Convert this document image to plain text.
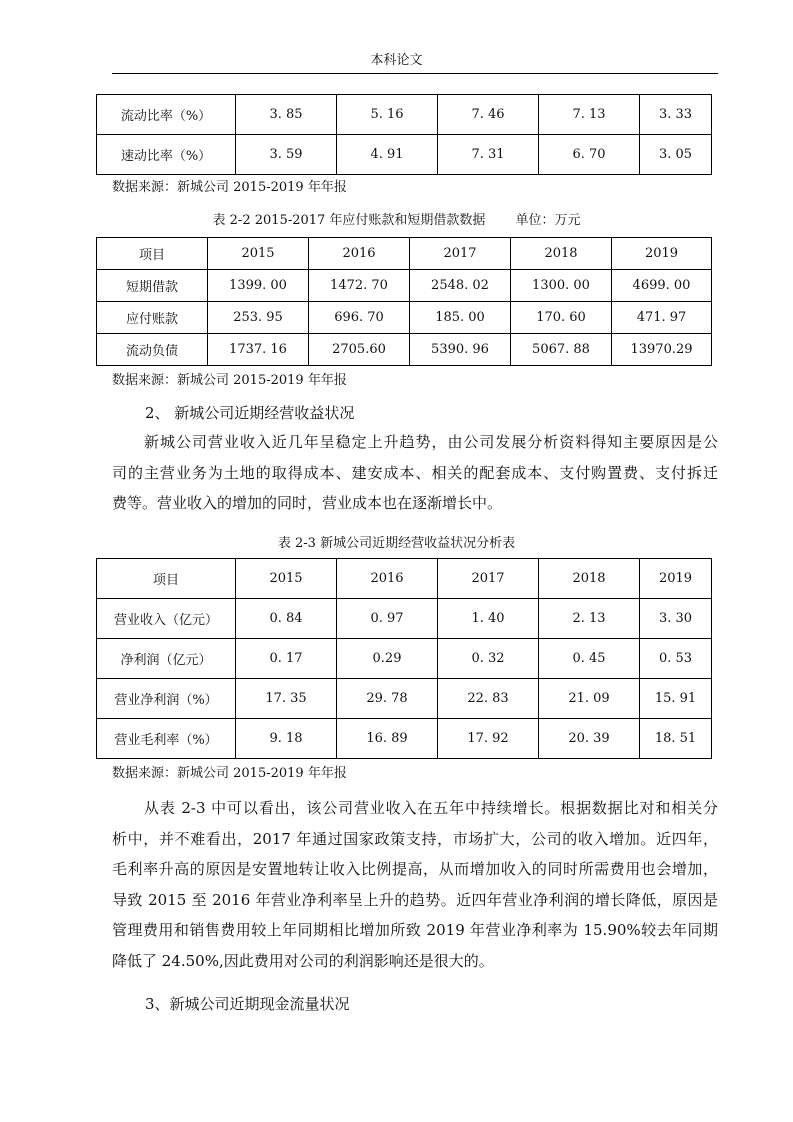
本科论文
流动比率（%）	3. 85	5. 16	7. 46	7. 13	3. 33
速动比率（%）	3. 59	4. 91	7. 31	6. 70	3. 05
数据来源：新城公司 2015-2019 年年报
表 2-2 2015-2017 年应付账款和短期借款数据 单位：万元
项目	2015	2016	2017	2018	2019
短期借款	1399. 00	1472. 70	2548. 02	1300. 00	4699. 00
应付账款	253. 95	696. 70	185. 00	170. 60	471. 97
流动负债	1737. 16	2705.60	5390. 96	5067. 88	13970.29
数据来源：新城公司 2015-2019 年年报
2、 新城公司近期经营收益状况

新城公司营业收入近几年呈稳定上升趋势，由公司发展分析资料得知主要原因是公
司的主营业务为土地的取得成本、建安成本、相关的配套成本、支付购置费、支付拆迁
费等。营业收入的增加的同时，营业成本也在逐渐增长中。

表 2-3 新城公司近期经营收益状况分析表
项目	2015	2016	2017	2018	2019
营业收入（亿元）	0. 84	0. 97	1. 40	2. 13	3. 30
净利润（亿元）	0. 17	0.29	0. 32	0. 45	0. 53
营业净利润（%）	17. 35	29. 78	22. 83	21. 09	15. 91
营业毛利率（%）	9. 18	16. 89	17. 92	20. 39	18. 51
数据来源：新城公司 2015-2019 年年报

从表 2-3 中可以看出，该公司营业收入在五年中持续增长。根据数据比对和相关分
析中，并不难看出，2017 年通过国家政策支持，市场扩大，公司的收入增加。近四年，
毛利率升高的原因是安置地转让收入比例提高，从而增加收入的同时所需费用也会增加，
导致 2015 至 2016 年营业净利率呈上升的趋势。近四年营业净利润的增长降低，原因是
管理费用和销售费用较上年同期相比增加所致 2019 年营业净利率为 15.90%较去年同期
降低了 24.50%,因此费用对公司的利润影响还是很大的。

3、新城公司近期现金流量状况
